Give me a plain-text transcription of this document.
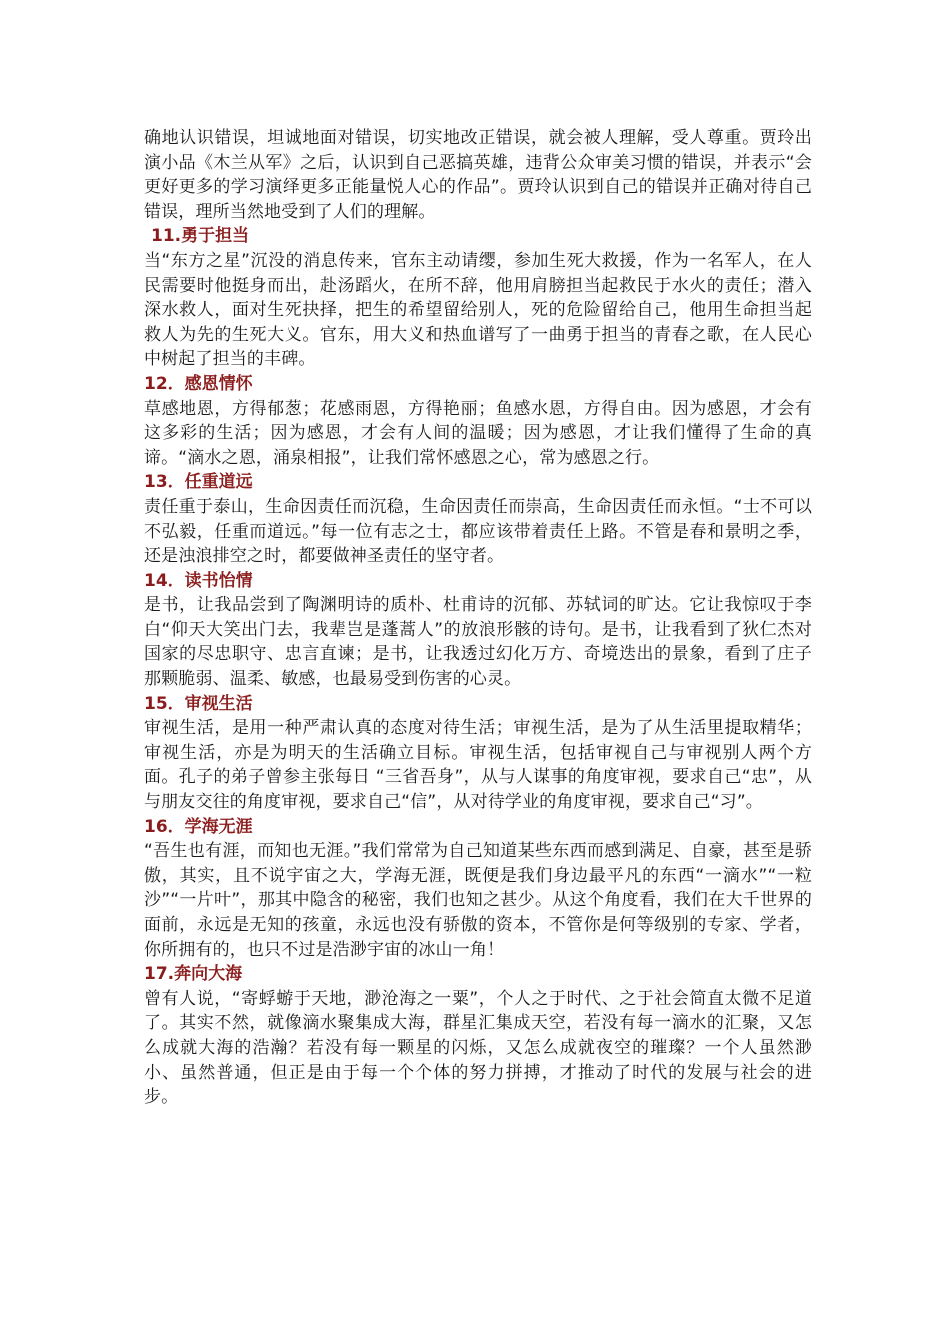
确地认识错误，坦诚地面对错误，切实地改正错误，就会被人理解，受人尊重。贾玲出演小品《木兰从军》之后，认识到自己恶搞英雄，违背公众审美习惯的错误，并表示“会更好更多的学习演绎更多正能量悦人心的作品”。贾玲认识到自己的错误并正确对待自己错误，理所当然地受到了人们的理解。

11.勇于担当

当“东方之星”沉没的消息传来，官东主动请缨，参加生死大救援，作为一名军人，在人民需要时他挺身而出，赴汤蹈火，在所不辞，他用肩膀担当起救民于水火的责任；潜入深水救人，面对生死抉择，把生的希望留给别人，死的危险留给自己，他用生命担当起救人为先的生死大义。官东，用大义和热血谱写了一曲勇于担当的青春之歌，在人民心中树起了担当的丰碑。

12．感恩情怀

草感地恩，方得郁葱；花感雨恩，方得艳丽；鱼感水恩，方得自由。因为感恩，才会有这多彩的生活；因为感恩，才会有人间的温暖；因为感恩，才让我们懂得了生命的真谛。“滴水之恩，涌泉相报”，让我们常怀感恩之心，常为感恩之行。

13．任重道远

责任重于泰山，生命因责任而沉稳，生命因责任而崇高，生命因责任而永恒。“士不可以不弘毅，任重而道远。”每一位有志之士，都应该带着责任上路。不管是春和景明之季，还是浊浪排空之时，都要做神圣责任的坚守者。

14．读书怡情

是书，让我品尝到了陶渊明诗的质朴、杜甫诗的沉郁、苏轼词的旷达。它让我惊叹于李白“仰天大笑出门去，我辈岂是蓬蒿人”的放浪形骸的诗句。是书，让我看到了狄仁杰对国家的尽忠职守、忠言直谏；是书，让我透过幻化万方、奇境迭出的景象，看到了庄子那颗脆弱、温柔、敏感，也最易受到伤害的心灵。

15．审视生活

审视生活，是用一种严肃认真的态度对待生活；审视生活，是为了从生活里提取精华；审视生活，亦是为明天的生活确立目标。审视生活，包括审视自己与审视别人两个方面。孔子的弟子曾参主张每日 “三省吾身”，从与人谋事的角度审视，要求自己“忠”，从与朋友交往的角度审视，要求自己“信”，从对待学业的角度审视，要求自己“习”。

16．学海无涯

“吾生也有涯，而知也无涯。”我们常常为自己知道某些东西而感到满足、自豪，甚至是骄傲，其实，且不说宇宙之大，学海无涯，既便是我们身边最平凡的东西“一滴水”“一粒沙”“一片叶”，那其中隐含的秘密，我们也知之甚少。从这个角度看，我们在大千世界的面前，永远是无知的孩童，永远也没有骄傲的资本，不管你是何等级别的专家、学者，你所拥有的，也只不过是浩渺宇宙的冰山一角！

17.奔向大海

曾有人说，“寄蜉蝣于天地，渺沧海之一粟”，个人之于时代、之于社会简直太微不足道了。其实不然，就像滴水聚集成大海，群星汇集成天空，若没有每一滴水的汇聚，又怎么成就大海的浩瀚？若没有每一颗星的闪烁，又怎么成就夜空的璀璨？一个人虽然渺小、虽然普通，但正是由于每一个个体的努力拼搏，才推动了时代的发展与社会的进步。
